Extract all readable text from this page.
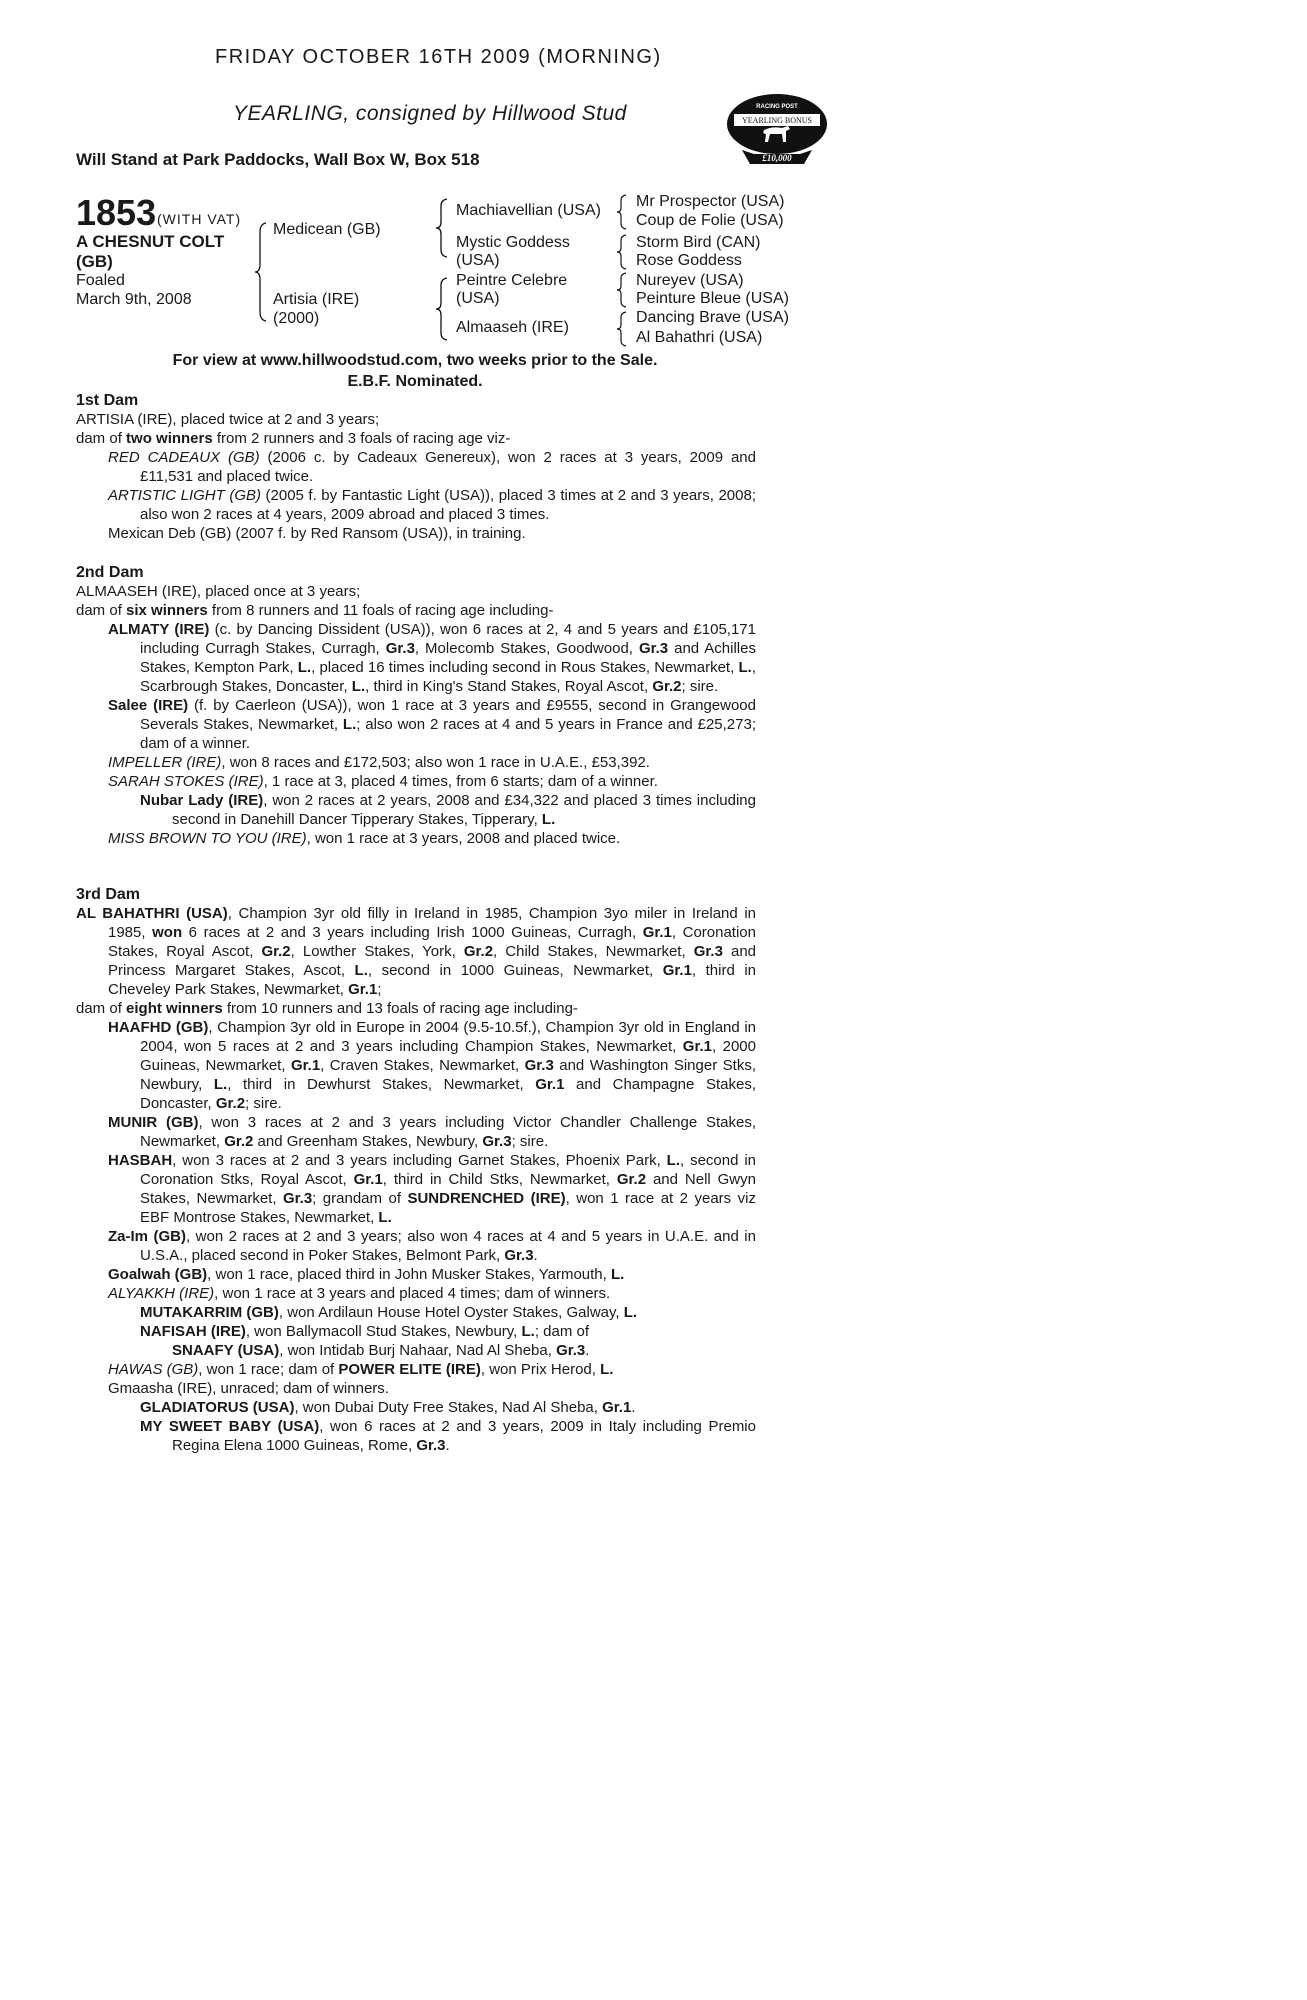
FRIDAY OCTOBER 16TH 2009 (MORNING)
YEARLING, consigned by Hillwood Stud
Will Stand at Park Paddocks, Wall Box W, Box 518
RACING POST
YEARLING BONUS
£10,000
1853 (WITH VAT)
A CHESNUT COLT (GB)
Foaled
March 9th, 2008
Medicean (GB)
Artisia (IRE)
(2000)
Machiavellian (USA)
Mystic Goddess
(USA)
Peintre Celebre
(USA)
Almaaseh (IRE)
Mr Prospector (USA)
Coup de Folie (USA)
Storm Bird (CAN)
Rose Goddess
Nureyev (USA)
Peinture Bleue (USA)
Dancing Brave (USA)
Al Bahathri (USA)
For view at www.hillwoodstud.com, two weeks prior to the Sale.
E.B.F. Nominated.
1st Dam
ARTISIA (IRE), placed twice at 2 and 3 years;
dam of two winners from 2 runners and 3 foals of racing age viz-
RED CADEAUX (GB) (2006 c. by Cadeaux Genereux), won 2 races at 3 years, 2009 and £11,531 and placed twice.
ARTISTIC LIGHT (GB) (2005 f. by Fantastic Light (USA)), placed 3 times at 2 and 3 years, 2008; also won 2 races at 4 years, 2009 abroad and placed 3 times.
Mexican Deb (GB) (2007 f. by Red Ransom (USA)), in training.
2nd Dam
ALMAASEH (IRE), placed once at 3 years;
dam of six winners from 8 runners and 11 foals of racing age including-
ALMATY (IRE) (c. by Dancing Dissident (USA)), won 6 races at 2, 4 and 5 years and £105,171 including Curragh Stakes, Curragh, Gr.3, Molecomb Stakes, Goodwood, Gr.3 and Achilles Stakes, Kempton Park, L., placed 16 times including second in Rous Stakes, Newmarket, L., Scarbrough Stakes, Doncaster, L., third in King's Stand Stakes, Royal Ascot, Gr.2; sire.
Salee (IRE) (f. by Caerleon (USA)), won 1 race at 3 years and £9555, second in Grangewood Severals Stakes, Newmarket, L.; also won 2 races at 4 and 5 years in France and £25,273; dam of a winner.
IMPELLER (IRE), won 8 races and £172,503; also won 1 race in U.A.E., £53,392.
SARAH STOKES (IRE), 1 race at 3, placed 4 times, from 6 starts; dam of a winner.
Nubar Lady (IRE), won 2 races at 2 years, 2008 and £34,322 and placed 3 times including second in Danehill Dancer Tipperary Stakes, Tipperary, L.
MISS BROWN TO YOU (IRE), won 1 race at 3 years, 2008 and placed twice.
3rd Dam
AL BAHATHRI (USA), Champion 3yr old filly in Ireland in 1985, Champion 3yo miler in Ireland in 1985, won 6 races at 2 and 3 years including Irish 1000 Guineas, Curragh, Gr.1, Coronation Stakes, Royal Ascot, Gr.2, Lowther Stakes, York, Gr.2, Child Stakes, Newmarket, Gr.3 and Princess Margaret Stakes, Ascot, L., second in 1000 Guineas, Newmarket, Gr.1, third in Cheveley Park Stakes, Newmarket, Gr.1;
dam of eight winners from 10 runners and 13 foals of racing age including-
HAAFHD (GB), Champion 3yr old in Europe in 2004 (9.5-10.5f.), Champion 3yr old in England in 2004, won 5 races at 2 and 3 years including Champion Stakes, Newmarket, Gr.1, 2000 Guineas, Newmarket, Gr.1, Craven Stakes, Newmarket, Gr.3 and Washington Singer Stks, Newbury, L., third in Dewhurst Stakes, Newmarket, Gr.1 and Champagne Stakes, Doncaster, Gr.2; sire.
MUNIR (GB), won 3 races at 2 and 3 years including Victor Chandler Challenge Stakes, Newmarket, Gr.2 and Greenham Stakes, Newbury, Gr.3; sire.
HASBAH, won 3 races at 2 and 3 years including Garnet Stakes, Phoenix Park, L., second in Coronation Stks, Royal Ascot, Gr.1, third in Child Stks, Newmarket, Gr.2 and Nell Gwyn Stakes, Newmarket, Gr.3; grandam of SUNDRENCHED (IRE), won 1 race at 2 years viz EBF Montrose Stakes, Newmarket, L.
Za-Im (GB), won 2 races at 2 and 3 years; also won 4 races at 4 and 5 years in U.A.E. and in U.S.A., placed second in Poker Stakes, Belmont Park, Gr.3.
Goalwah (GB), won 1 race, placed third in John Musker Stakes, Yarmouth, L.
ALYAKKH (IRE), won 1 race at 3 years and placed 4 times; dam of winners.
MUTAKARRIM (GB), won Ardilaun House Hotel Oyster Stakes, Galway, L.
NAFISAH (IRE), won Ballymacoll Stud Stakes, Newbury, L.; dam of
SNAAFY (USA), won Intidab Burj Nahaar, Nad Al Sheba, Gr.3.
HAWAS (GB), won 1 race; dam of POWER ELITE (IRE), won Prix Herod, L.
Gmaasha (IRE), unraced; dam of winners.
GLADIATORUS (USA), won Dubai Duty Free Stakes, Nad Al Sheba, Gr.1.
MY SWEET BABY (USA), won 6 races at 2 and 3 years, 2009 in Italy including Premio Regina Elena 1000 Guineas, Rome, Gr.3.
